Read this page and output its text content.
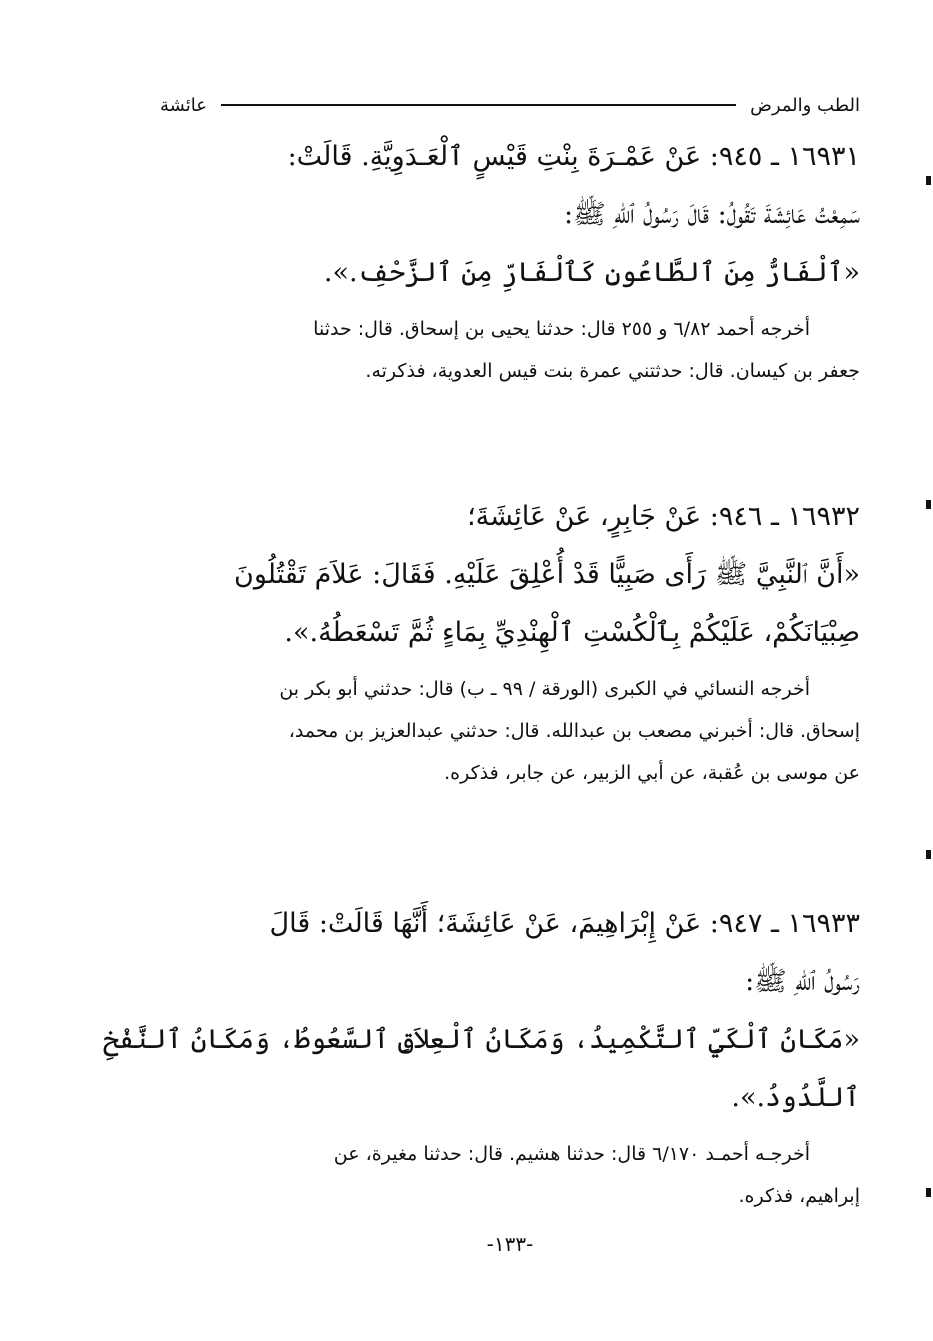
الطب والمرض
عائشة
١٦٩٣١ ـ ٩٤٥: عَنْ عَمْـرَةَ بِنْتِ قَيْسٍ ٱلْعَـدَوِيَّةِ. قَالَتْ:
سَمِعْتُ عَائِشَةَ تَقُولُ: قَالَ رَسُولُ ٱللهِ ﷺ:
«ٱلْفَارُّ مِنَ ٱلطَّاعُونِ كَٱلْفَارِّ مِنَ ٱلزَّحْفِ.».
أخرجه أحمد ٦/٨٢ و ٢٥٥ قال: حدثنا يحيى بن إسحاق. قال: حدثنا
جعفر بن كيسان. قال: حدثتني عمرة بنت قيس العدوية، فذكرته.
١٦٩٣٢ ـ ٩٤٦: عَنْ جَابِرٍ، عَنْ عَائِشَةَ؛
«أَنَّ ٱلنَّبِيَّ ﷺ رَأَى صَبِيًّا قَدْ أُعْلِقَ عَلَيْهِ. فَقَالَ: عَلاَمَ تَقْتُلُونَ
صِبْيَانَكُمْ، عَلَيْكُمْ بِٱلْكُسْتِ ٱلْهِنْدِيِّ بِمَاءٍ ثُمَّ تَسْعَطُهُ.».
أخرجه النسائي في الكبرى (الورقة / ٩٩ ـ ب) قال: حدثني أبو بكر بن
إسحاق. قال: أخبرني مصعب بن عبدالله. قال: حدثني عبدالعزيز بن محمد،
عن موسى بن عُقبة، عن أبي الزبير، عن جابر، فذكره.
١٦٩٣٣ ـ ٩٤٧: عَنْ إِبْرَاهِيمَ، عَنْ عَائِشَةَ؛ أَنَّهَا قَالَتْ: قَالَ
رَسُولُ ٱللهِ ﷺ:
«مَكَانُ ٱلْكَيِّ ٱلتَّكْمِيدُ، وَمَكَانُ ٱلْعِلاَقِ ٱلسَّعُوطُ، وَمَكَانُ ٱلنَّفْخِ
ٱللَّدُودُ.».
أخرجـه أحمـد ٦/١٧٠ قال: حدثنا هشيم. قال: حدثنا مغيرة، عن
إبراهيم، فذكره.
-١٣٣-
